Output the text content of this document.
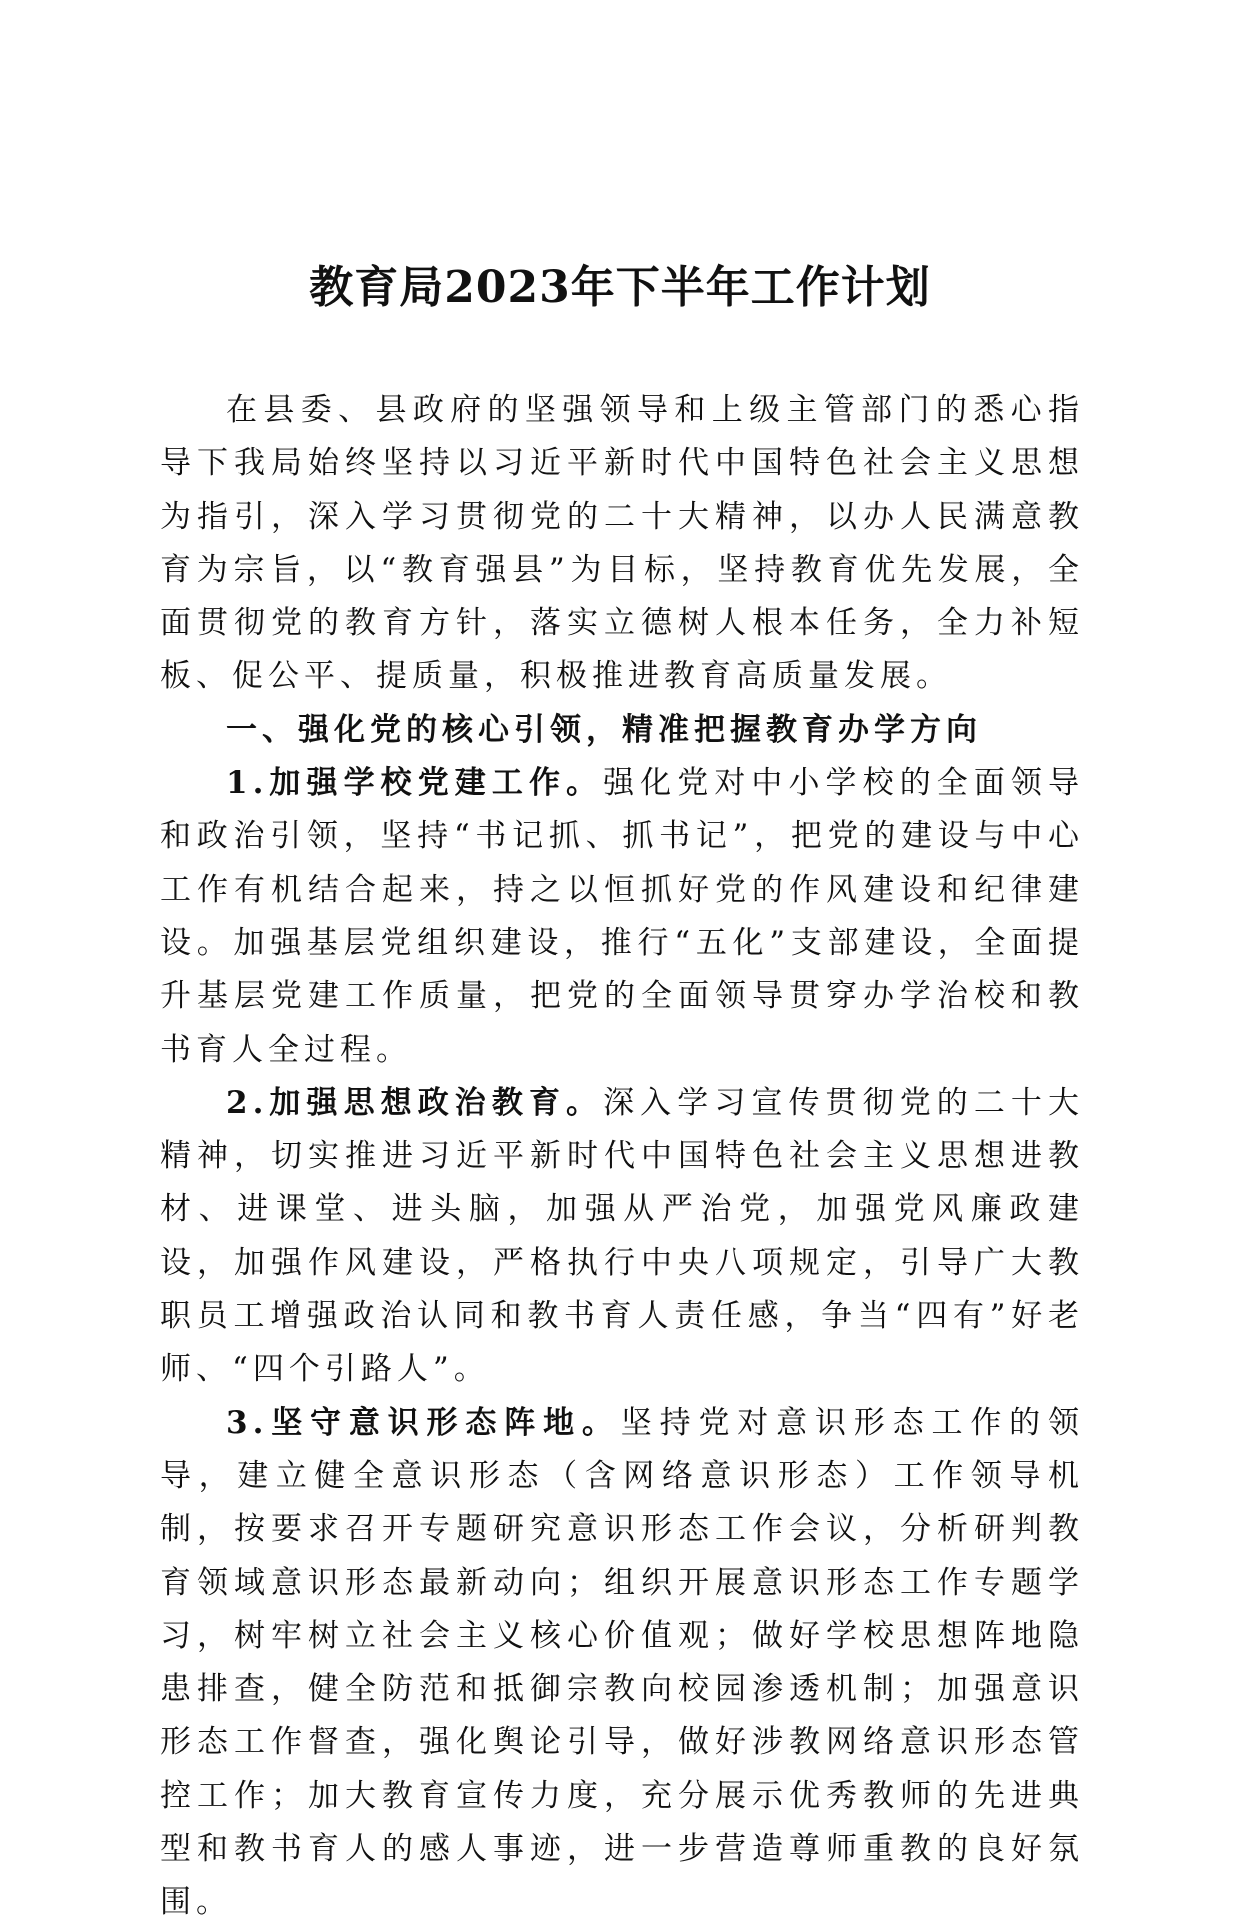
教育局2023年下半年工作计划

在县委、县政府的坚强领导和上级主管部门的悉心指导下我局始终坚持以习近平新时代中国特色社会主义思想为指引，深入学习贯彻党的二十大精神，以办人民满意教育为宗旨，以“教育强县”为目标，坚持教育优先发展，全面贯彻党的教育方针，落实立德树人根本任务，全力补短板、促公平、提质量，积极推进教育高质量发展。

一、强化党的核心引领，精准把握教育办学方向

1.加强学校党建工作。强化党对中小学校的全面领导和政治引领，坚持“书记抓、抓书记”，把党的建设与中心工作有机结合起来，持之以恒抓好党的作风建设和纪律建设。加强基层党组织建设，推行“五化”支部建设，全面提升基层党建工作质量，把党的全面领导贯穿办学治校和教书育人全过程。

2.加强思想政治教育。深入学习宣传贯彻党的二十大精神，切实推进习近平新时代中国特色社会主义思想进教材、进课堂、进头脑，加强从严治党，加强党风廉政建设，加强作风建设，严格执行中央八项规定，引导广大教职员工增强政治认同和教书育人责任感，争当“四有”好老师、“四个引路人”。

3.坚守意识形态阵地。坚持党对意识形态工作的领导，建立健全意识形态（含网络意识形态）工作领导机制，按要求召开专题研究意识形态工作会议，分析研判教育领域意识形态最新动向；组织开展意识形态工作专题学习，树牢树立社会主义核心价值观；做好学校思想阵地隐患排查，健全防范和抵御宗教向校园渗透机制；加强意识形态工作督查，强化舆论引导，做好涉教网络意识形态管控工作；加大教育宣传力度，充分展示优秀教师的先进典型和教书育人的感人事迹，进一步营造尊师重教的良好氛围。
